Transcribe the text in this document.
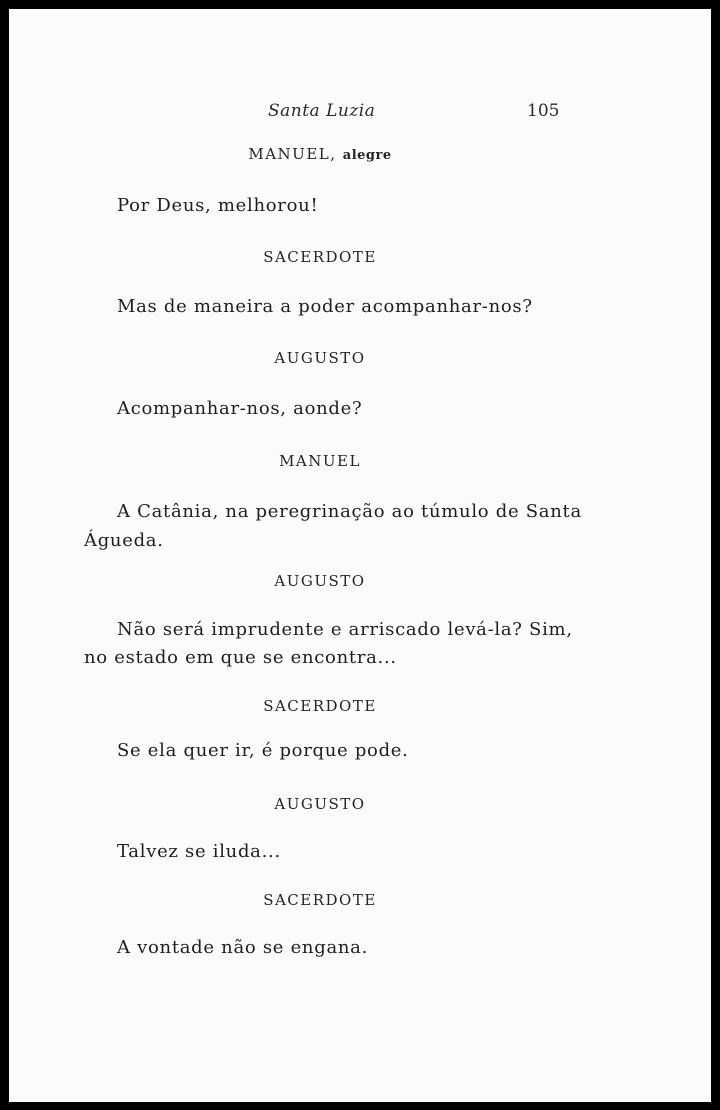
Santa Luzia	105
MANUEL, alegre
Por Deus, melhorou!
SACERDOTE
Mas de maneira a poder acompanhar-nos?
AUGUSTO
Acompanhar-nos, aonde?
MANUEL
A Catânia, na peregrinação ao túmulo de Santa
Águeda.
AUGUSTO
Não será imprudente e arriscado levá-la? Sim,
no estado em que se encontra...
SACERDOTE
Se ela quer ir, é porque pode.
AUGUSTO
Talvez se iluda...
SACERDOTE
A vontade não se engana.
